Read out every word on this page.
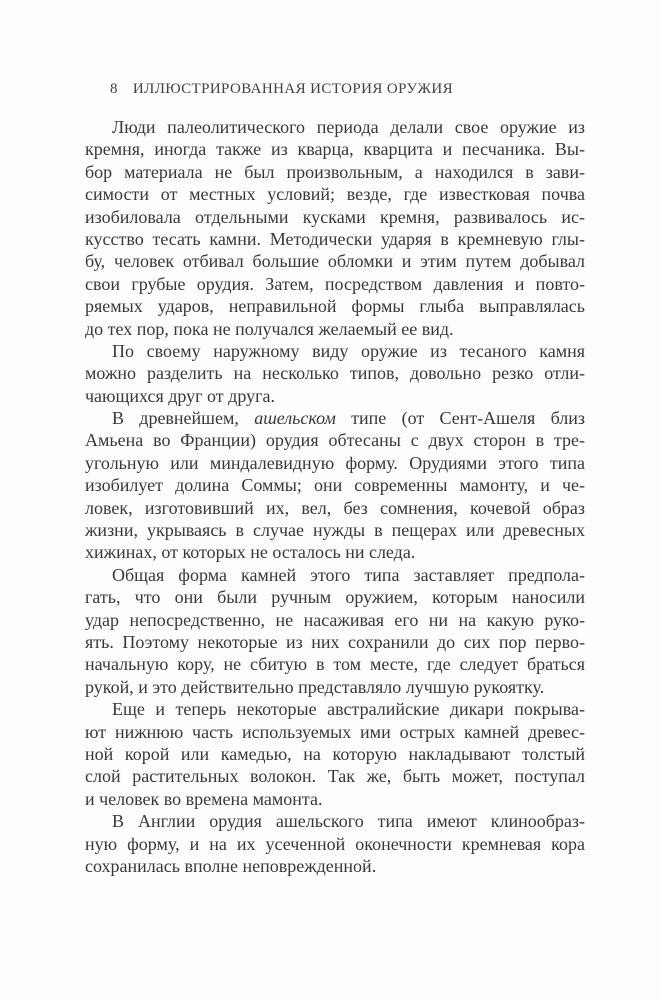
8 ИЛЛЮСТРИРОВАННАЯ ИСТОРИЯ ОРУЖИЯ
Люди палеолитического периода делали свое оружие из
кремня, иногда также из кварца, кварцита и песчаника. Вы-
бор материала не был произвольным, а находился в зави-
симости от местных условий; везде, где известковая почва
изобиловала отдельными кусками кремня, развивалось ис-
кусство тесать камни. Методически ударяя в кремневую глы-
бу, человек отбивал большие обломки и этим путем добывал
свои грубые орудия. Затем, посредством давления и повто-
ряемых ударов, неправильной формы глыба выправлялась
до тех пор, пока не получался желаемый ее вид.
По своему наружному виду оружие из тесаного камня
можно разделить на несколько типов, довольно резко отли-
чающихся друг от друга.
В древнейшем, ашельском типе (от Сент-Ашеля близ
Амьена во Франции) орудия обтесаны с двух сторон в тре-
угольную или миндалевидную форму. Орудиями этого типа
изобилует долина Соммы; они современны мамонту, и че-
ловек, изготовивший их, вел, без сомнения, кочевой образ
жизни, укрываясь в случае нужды в пещерах или древесных
хижинах, от которых не осталось ни следа.
Общая форма камней этого типа заставляет предпола-
гать, что они были ручным оружием, которым наносили
удар непосредственно, не насаживая его ни на какую руко-
ять. Поэтому некоторые из них сохранили до сих пор перво-
начальную кору, не сбитую в том месте, где следует браться
рукой, и это действительно представляло лучшую рукоятку.
Еще и теперь некоторые австралийские дикари покрыва-
ют нижнюю часть используемых ими острых камней древес-
ной корой или камедью, на которую накладывают толстый
слой растительных волокон. Так же, быть может, поступал
и человек во времена мамонта.
В Англии орудия ашельского типа имеют клинообраз-
ную форму, и на их усеченной оконечности кремневая кора
сохранилась вполне неповрежденной.
